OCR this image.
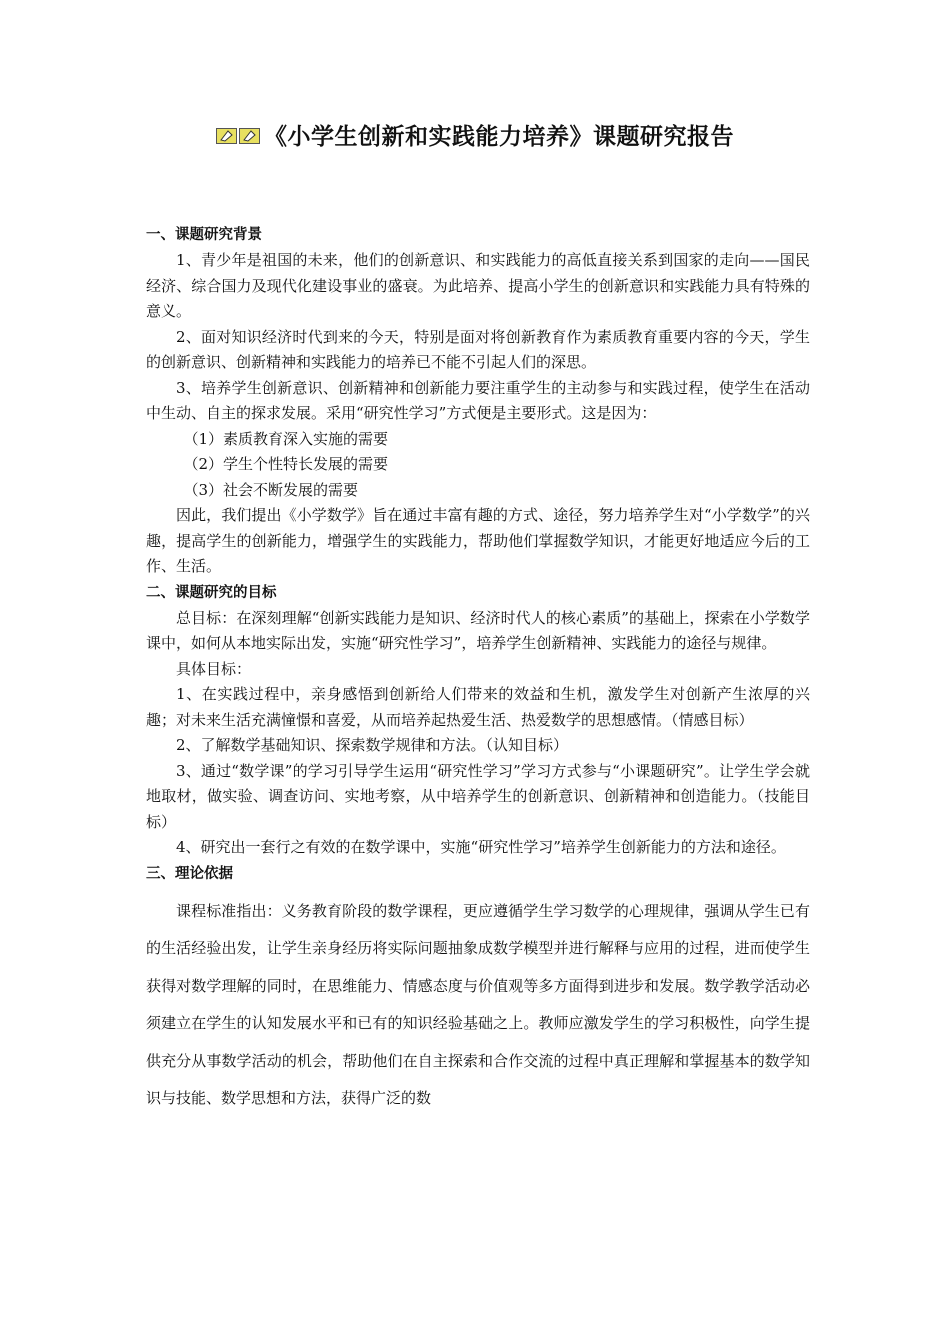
《小学生创新和实践能力培养》课题研究报告

一、课题研究背景

1、青少年是祖国的未来，他们的创新意识、和实践能力的高低直接关系到国家的走向——国民经济、综合国力及现代化建设事业的盛衰。为此培养、提高小学生的创新意识和实践能力具有特殊的意义。

2、面对知识经济时代到来的今天，特别是面对将创新教育作为素质教育重要内容的今天，学生的创新意识、创新精神和实践能力的培养已不能不引起人们的深思。

3、培养学生创新意识、创新精神和创新能力要注重学生的主动参与和实践过程，使学生在活动中生动、自主的探求发展。采用“研究性学习”方式便是主要形式。这是因为：

（1）素质教育深入实施的需要

（2）学生个性特长发展的需要

（3）社会不断发展的需要

因此，我们提出《小学数学》旨在通过丰富有趣的方式、途径，努力培养学生对“小学数学”的兴趣，提高学生的创新能力，增强学生的实践能力，帮助他们掌握数学知识，才能更好地适应今后的工作、生活。

二、课题研究的目标

总目标：在深刻理解“创新实践能力是知识、经济时代人的核心素质”的基础上，探索在小学数学课中，如何从本地实际出发，实施“研究性学习”，培养学生创新精神、实践能力的途径与规律。

具体目标：

1、在实践过程中，亲身感悟到创新给人们带来的效益和生机，激发学生对创新产生浓厚的兴趣；对未来生活充满憧憬和喜爱，从而培养起热爱生活、热爱数学的思想感情。（情感目标）

2、了解数学基础知识、探索数学规律和方法。（认知目标）

3、通过“数学课”的学习引导学生运用“研究性学习”学习方式参与“小课题研究”。让学生学会就地取材，做实验、调查访问、实地考察，从中培养学生的创新意识、创新精神和创造能力。（技能目标）

4、研究出一套行之有效的在数学课中，实施“研究性学习”培养学生创新能力的方法和途径。

三、理论依据

课程标准指出：义务教育阶段的数学课程，更应遵循学生学习数学的心理规律，强调从学生已有的生活经验出发，让学生亲身经历将实际问题抽象成数学模型并进行解释与应用的过程，进而使学生获得对数学理解的同时，在思维能力、情感态度与价值观等多方面得到进步和发展。数学教学活动必须建立在学生的认知发展水平和已有的知识经验基础之上。教师应激发学生的学习积极性，向学生提供充分从事数学活动的机会，帮助他们在自主探索和合作交流的过程中真正理解和掌握基本的数学知识与技能、数学思想和方法，获得广泛的数
